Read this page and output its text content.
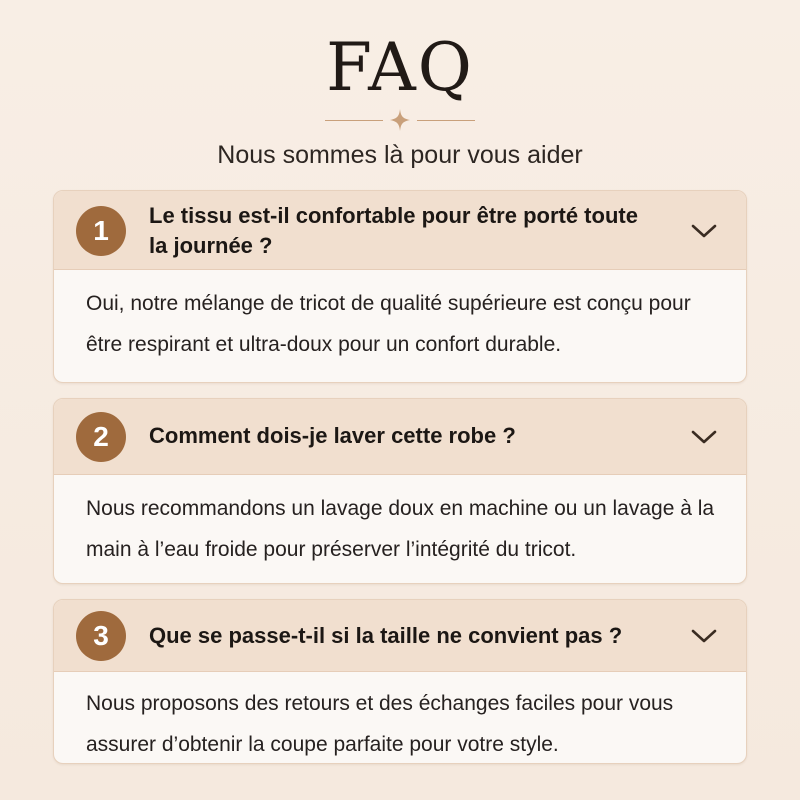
FAQ
Nous sommes là pour vous aider
1	Le tissu est-il confortable pour être porté toute la journée ?
Oui, notre mélange de tricot de qualité supérieure est conçu pour être respirant et ultra-doux pour un confort durable.
2	Comment dois-je laver cette robe ?
Nous recommandons un lavage doux en machine ou un lavage à la main à l’eau froide pour préserver l’intégrité du tricot.
3	Que se passe-t-il si la taille ne convient pas ?
Nous proposons des retours et des échanges faciles pour vous assurer d’obtenir la coupe parfaite pour votre style.
